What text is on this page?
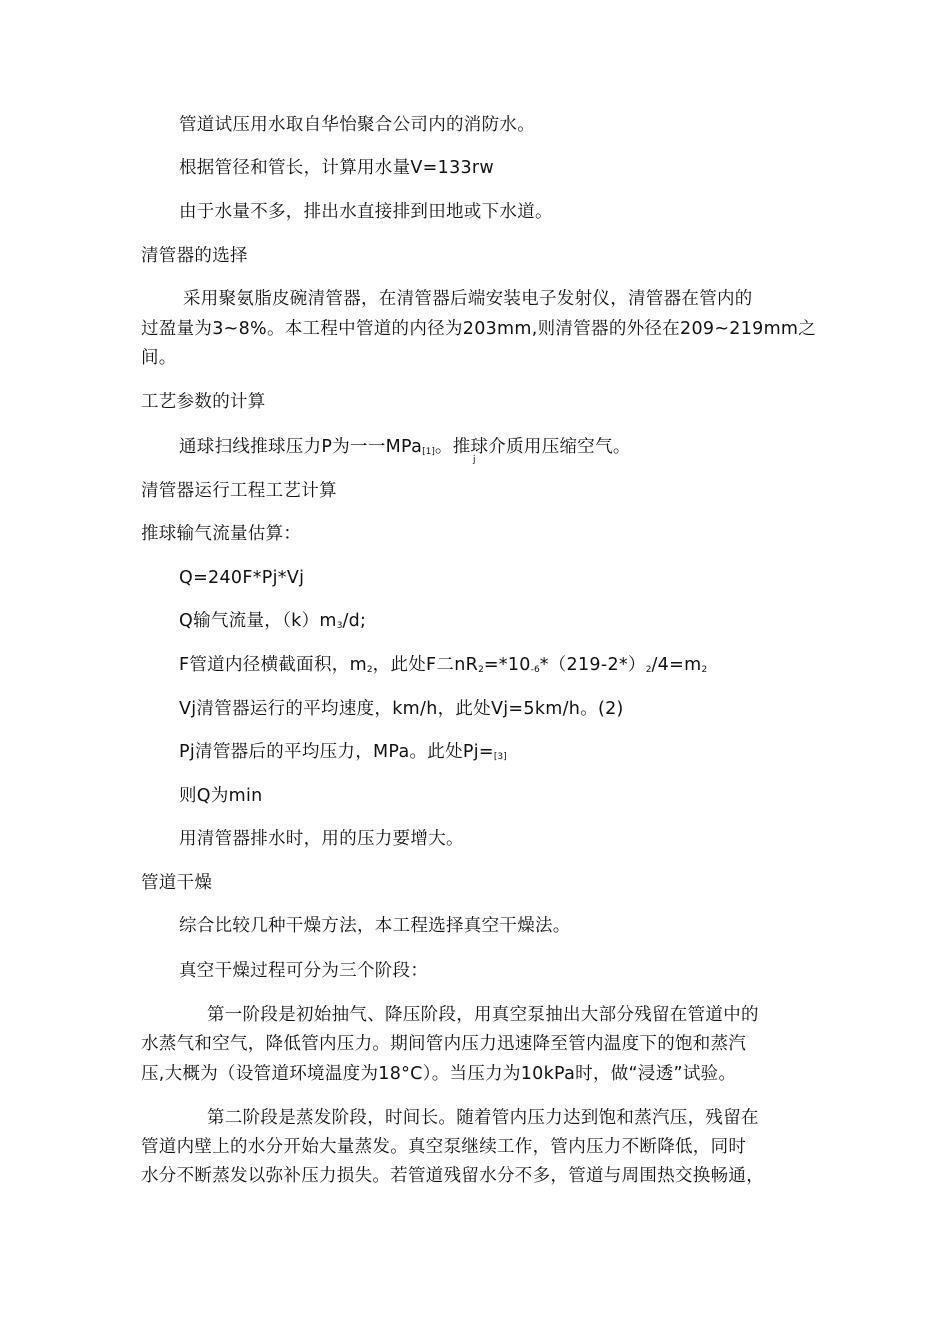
管道试压用水取自华怡聚合公司内的消防水。
根据管径和管长，计算用水量V=133rw
由于水量不多，排出水直接排到田地或下水道。
清管器的选择
采用聚氨脂皮碗清管器，在清管器后端安装电子发射仪，清管器在管内的
过盈量为3~8%。本工程中管道的内径为203mm,则清管器的外径在209~219mm之
间。
工艺参数的计算
通球扫线推球压力P为一一MPa$_{[1]}$。推球介质用压缩空气。
j
清管器运行工程工艺计算
推球输气流量估算：
Q=240F*Pj*Vj
Q输气流量，$(k)m_3/d$;
F管道内径横截面积，$m_2$，此处F二$nR_2=*10_{-6}*(219-2*)_2/4=m_2$
Vj清管器运行的平均速度，km/h，此处Vj=5km/h。(2)
Pj清管器后的平均压力，MPa。此处$Pj=_{[3]}$
则Q为min
用清管器排水时，用的压力要增大。
管道干燥
综合比较几种干燥方法，本工程选择真空干燥法。
真空干燥过程可分为三个阶段：
第一阶段是初始抽气、降压阶段，用真空泵抽出大部分残留在管道中的
水蒸气和空气，降低管内压力。期间管内压力迅速降至管内温度下的饱和蒸汽
压,大概为（设管道环境温度为18°C）。当压力为10kPa时，做“浸透”试验。
第二阶段是蒸发阶段，时间长。随着管内压力达到饱和蒸汽压，残留在
管道内壁上的水分开始大量蒸发。真空泵继续工作，管内压力不断降低，同时
水分不断蒸发以弥补压力损失。若管道残留水分不多，管道与周围热交换畅通，
